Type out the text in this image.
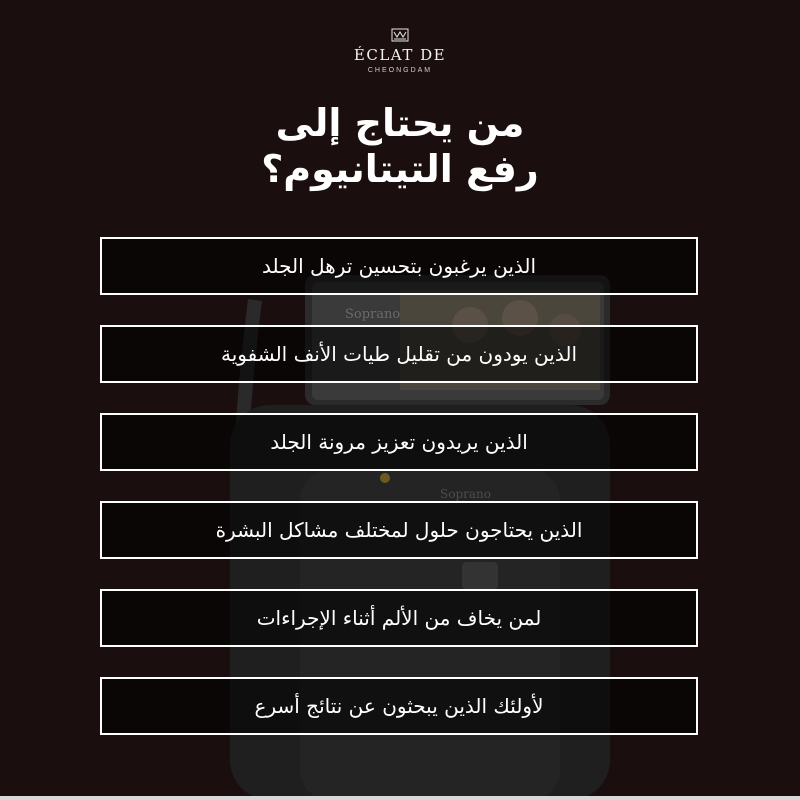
Soprano
Soprano
ÉCLAT DE
CHEONGDAM
من يحتاج إلى
رفع التيتانيوم؟
الذين يرغبون بتحسين ترهل الجلد
الذين يودون من تقليل طيات الأنف الشفوية
الذين يريدون تعزيز مرونة الجلد
الذين يحتاجون حلول لمختلف مشاكل البشرة
لمن يخاف من الألم أثناء الإجراءات
لأولئك الذين يبحثون عن نتائج أسرع
